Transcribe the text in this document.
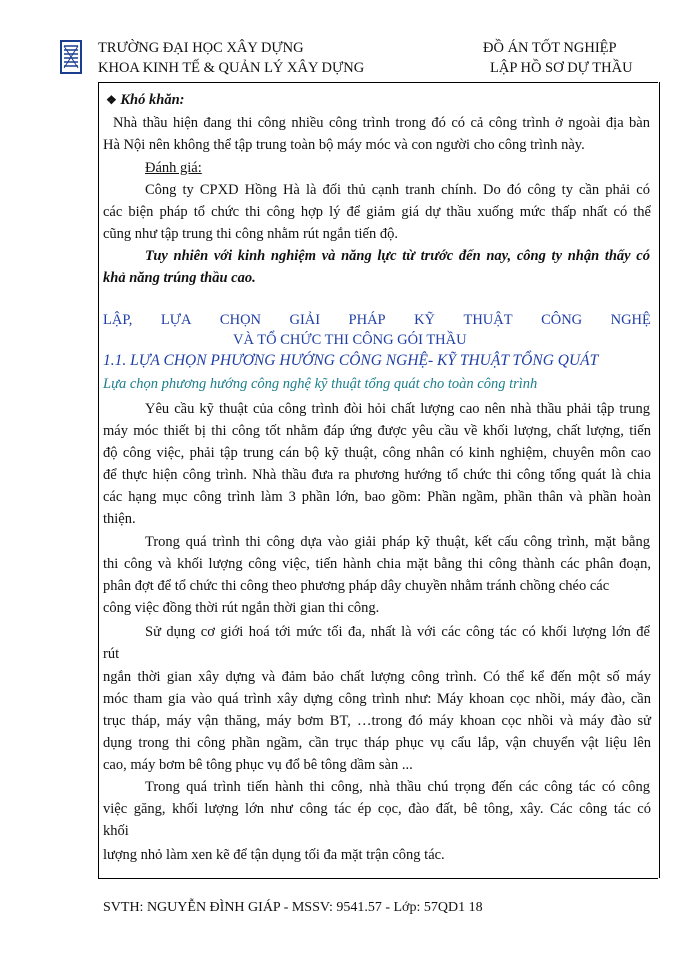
TRƯỜNG ĐẠI HỌC XÂY DỰNG
KHOA KINH TẾ & QUẢN LÝ XÂY DỰNG
ĐỒ ÁN TỐT NGHIỆP
LẬP HỒ SƠ DỰ THẦU
❖ Khó khăn:
Nhà thầu hiện đang thi công nhiều công trình trong đó có cả công trình ở ngoài địa bàn
Hà Nội nên không thể tập trung toàn bộ máy móc và con người cho công trình này.
Đánh giá:
Công ty CPXD Hồng Hà là đối thủ cạnh tranh chính. Do đó công ty cần phải có
các biện pháp tổ chức thi công hợp lý để giảm giá dự thầu xuống mức thấp nhất có thể
cũng như tập trung thi công nhằm rút ngắn tiến độ.
Tuy nhiên với kinh nghiệm và năng lực từ trước đến nay, công ty nhận thấy có
khả năng trúng thầu cao.
LẬP, LỰA CHỌN GIẢI PHÁP KỸ THUẬT CÔNG NGHỆ
VÀ TỔ CHỨC THI CÔNG GÓI THẦU
1.1. LỰA CHỌN PHƯƠNG HƯỚNG CÔNG NGHỆ- KỸ THUẬT TỔNG QUÁT
Lựa chọn phương hướng công nghệ kỹ thuật tổng quát cho toàn công trình
Yêu cầu kỹ thuật của công trình đòi hỏi chất lượng cao nên nhà thầu phải tập trung
máy móc thiết bị thi công tốt nhằm đáp ứng được yêu cầu về khối lượng, chất lượng, tiến
độ công việc, phải tập trung cán bộ kỹ thuật, công nhân có kinh nghiệm, chuyên môn cao
để thực hiện công trình. Nhà thầu đưa ra phương hướng tổ chức thi công tổng quát là chia
các hạng mục công trình làm 3 phần lớn, bao gồm: Phần ngầm, phần thân và phần hoàn
thiện.
Trong quá trình thi công dựa vào giải pháp kỹ thuật, kết cấu công trình, mặt bằng
thi công và khối lượng công việc, tiến hành chia mặt bằng thi công thành các phân đoạn,
phân đợt để tổ chức thi công theo phương pháp dây chuyền nhằm tránh chồng chéo các
công việc đồng thời rút ngắn thời gian thi công.
Sử dụng cơ giới hoá tới mức tối đa, nhất là với các công tác có khối lượng lớn để
rút
ngắn thời gian xây dựng và đảm bảo chất lượng công trình. Có thể kể đến một số máy
móc tham gia vào quá trình xây dựng công trình như: Máy khoan cọc nhồi, máy đào, cần
trục tháp, máy vận thăng, máy bơm BT, …trong đó máy khoan cọc nhồi và máy đào sử
dụng trong thi công phần ngầm, cần trục tháp phục vụ cẩu lắp, vận chuyển vật liệu lên
cao, máy bơm bê tông phục vụ đổ bê tông dầm sàn ...
Trong quá trình tiến hành thi công, nhà thầu chú trọng đến các công tác có công
việc găng, khối lượng lớn như công tác ép cọc, đào đất, bê tông, xây. Các công tác có
khối
lượng nhỏ làm xen kẽ để tận dụng tối đa mặt trận công tác.
SVTH: NGUYỄN ĐÌNH GIÁP - MSSV: 9541.57 - Lớp: 57QD1 18
